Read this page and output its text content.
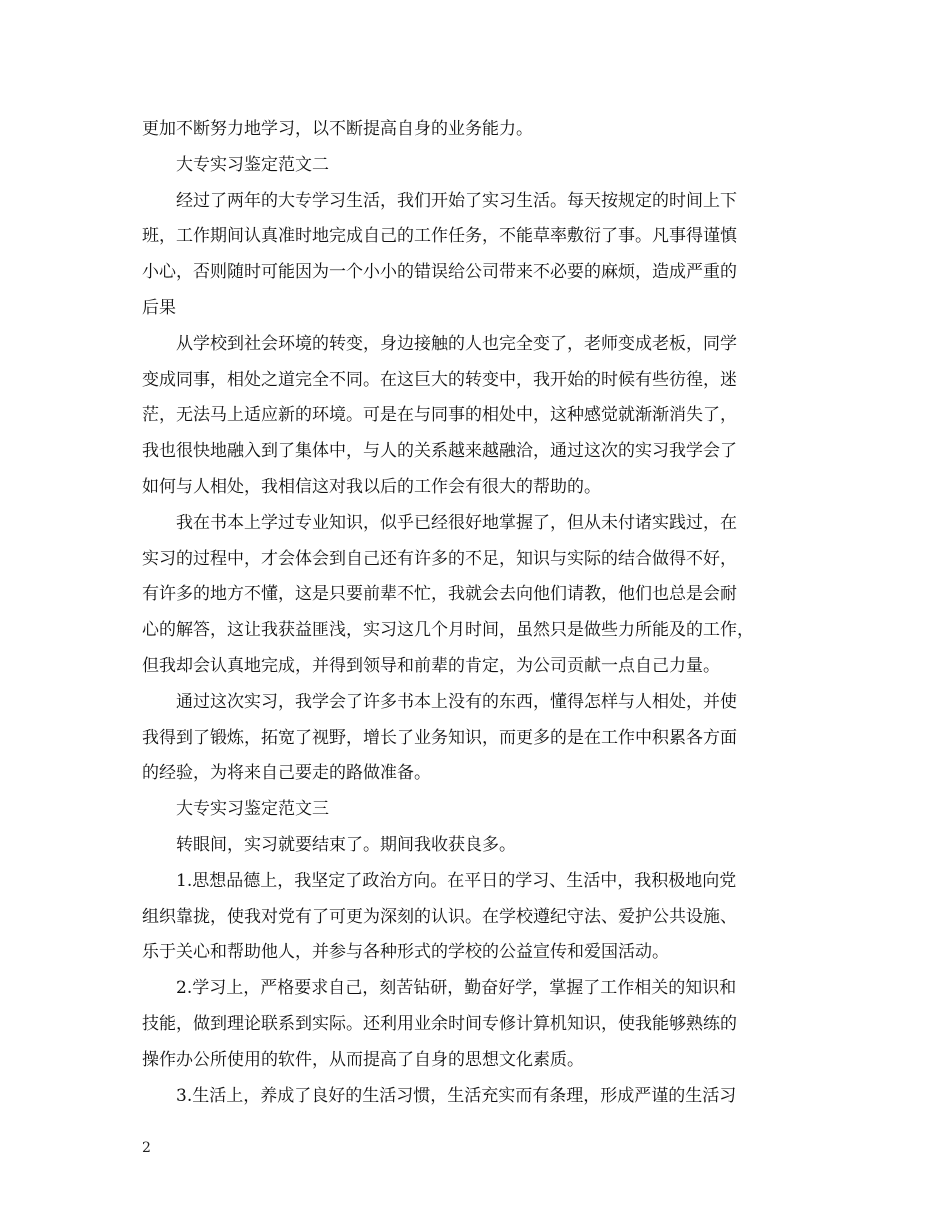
更加不断努力地学习，以不断提高自身的业务能力。
大专实习鉴定范文二
经过了两年的大专学习生活，我们开始了实习生活。每天按规定的时间上下
班，工作期间认真准时地完成自己的工作任务，不能草率敷衍了事。凡事得谨慎
小心，否则随时可能因为一个小小的错误给公司带来不必要的麻烦，造成严重的
后果
从学校到社会环境的转变，身边接触的人也完全变了，老师变成老板，同学
变成同事，相处之道完全不同。在这巨大的转变中，我开始的时候有些彷徨，迷
茫，无法马上适应新的环境。可是在与同事的相处中，这种感觉就渐渐消失了，
我也很快地融入到了集体中，与人的关系越来越融洽，通过这次的实习我学会了
如何与人相处，我相信这对我以后的工作会有很大的帮助的。
我在书本上学过专业知识，似乎已经很好地掌握了，但从未付诸实践过，在
实习的过程中，才会体会到自己还有许多的不足，知识与实际的结合做得不好，
有许多的地方不懂，这是只要前辈不忙，我就会去向他们请教，他们也总是会耐
心的解答，这让我获益匪浅，实习这几个月时间，虽然只是做些力所能及的工作，
但我却会认真地完成，并得到领导和前辈的肯定，为公司贡献一点自己力量。
通过这次实习，我学会了许多书本上没有的东西，懂得怎样与人相处，并使
我得到了锻炼，拓宽了视野，增长了业务知识，而更多的是在工作中积累各方面
的经验，为将来自己要走的路做准备。
大专实习鉴定范文三
转眼间，实习就要结束了。期间我收获良多。
1.思想品德上，我坚定了政治方向。在平日的学习、生活中，我积极地向党
组织靠拢，使我对党有了可更为深刻的认识。在学校遵纪守法、爱护公共设施、
乐于关心和帮助他人，并参与各种形式的学校的公益宣传和爱国活动。
2.学习上，严格要求自己，刻苦钻研，勤奋好学，掌握了工作相关的知识和
技能，做到理论联系到实际。还利用业余时间专修计算机知识，使我能够熟练的
操作办公所使用的软件，从而提高了自身的思想文化素质。
3.生活上，养成了良好的生活习惯，生活充实而有条理，形成严谨的生活习
2
